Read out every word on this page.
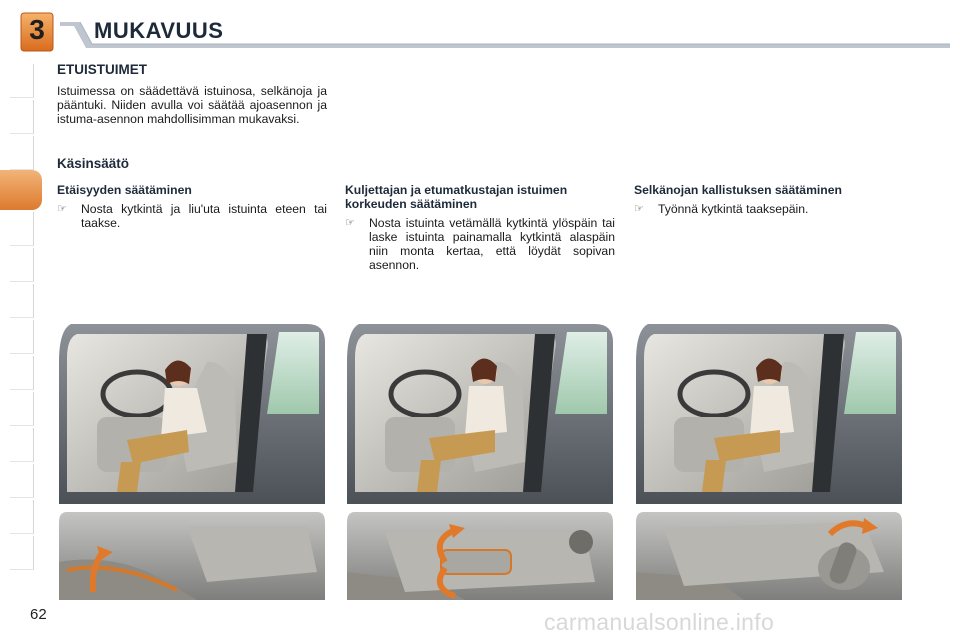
3	MUKAVUUS
ETUISTUIMET

Istuimessa on säädettävä istuinosa, selkänoja ja pääntuki. Niiden avulla voi säätää ajoasennon ja istuma-asennon mahdollisimman mukavaksi.

Käsinsäätö
Etäisyyden säätäminen
☞	Nosta kytkintä ja liu'uta istuinta eteen tai taakse.
Kuljettajan ja etumatkustajan istuimen korkeuden säätäminen
☞	Nosta istuinta vetämällä kytkintä ylöspäin tai laske istuinta painamalla kytkintä alaspäin niin monta kertaa, että löydät sopivan asennon.
Selkänojan kallistuksen säätäminen
☞	Työnnä kytkintä taaksepäin.
62	carmanualsonline.info
